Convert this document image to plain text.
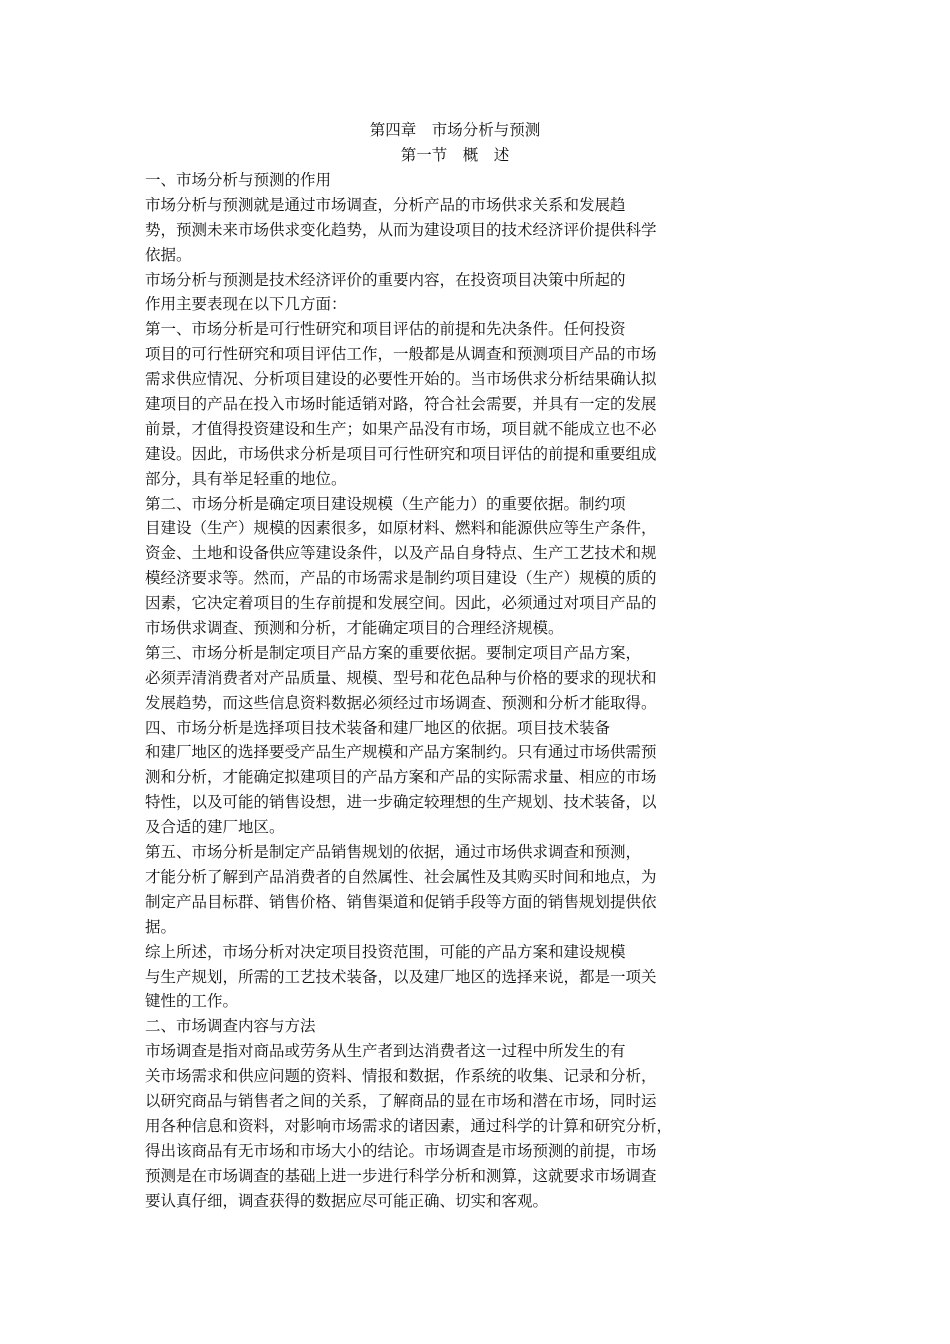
第四章　市场分析与预测
第一节　概　述
一、市场分析与预测的作用
市场分析与预测就是通过市场调查，分析产品的市场供求关系和发展趋
势，预测未来市场供求变化趋势，从而为建设项目的技术经济评价提供科学
依据。
市场分析与预测是技术经济评价的重要内容，在投资项目决策中所起的
作用主要表现在以下几方面：
第一、市场分析是可行性研究和项目评估的前提和先决条件。任何投资
项目的可行性研究和项目评估工作，一般都是从调查和预测项目产品的市场
需求供应情况、分析项目建设的必要性开始的。当市场供求分析结果确认拟
建项目的产品在投入市场时能适销对路，符合社会需要，并具有一定的发展
前景，才值得投资建设和生产；如果产品没有市场，项目就不能成立也不必
建设。因此，市场供求分析是项目可行性研究和项目评估的前提和重要组成
部分，具有举足轻重的地位。
第二、市场分析是确定项目建设规模（生产能力）的重要依据。制约项
目建设（生产）规模的因素很多，如原材料、燃料和能源供应等生产条件，
资金、土地和设备供应等建设条件，以及产品自身特点、生产工艺技术和规
模经济要求等。然而，产品的市场需求是制约项目建设（生产）规模的质的
因素，它决定着项目的生存前提和发展空间。因此，必须通过对项目产品的
市场供求调查、预测和分析，才能确定项目的合理经济规模。
第三、市场分析是制定项目产品方案的重要依据。要制定项目产品方案，
必须弄清消费者对产品质量、规模、型号和花色品种与价格的要求的现状和
发展趋势，而这些信息资料数据必须经过市场调查、预测和分析才能取得。
四、市场分析是选择项目技术装备和建厂地区的依据。项目技术装备
和建厂地区的选择要受产品生产规模和产品方案制约。只有通过市场供需预
测和分析，才能确定拟建项目的产品方案和产品的实际需求量、相应的市场
特性，以及可能的销售设想，进一步确定较理想的生产规划、技术装备，以
及合适的建厂地区。
第五、市场分析是制定产品销售规划的依据，通过市场供求调查和预测，
才能分析了解到产品消费者的自然属性、社会属性及其购买时间和地点，为
制定产品目标群、销售价格、销售渠道和促销手段等方面的销售规划提供依
据。
综上所述，市场分析对决定项目投资范围，可能的产品方案和建设规模
与生产规划，所需的工艺技术装备，以及建厂地区的选择来说，都是一项关
键性的工作。
二、市场调查内容与方法
市场调查是指对商品或劳务从生产者到达消费者这一过程中所发生的有
关市场需求和供应问题的资料、情报和数据，作系统的收集、记录和分析，
以研究商品与销售者之间的关系，了解商品的显在市场和潜在市场，同时运
用各种信息和资料，对影响市场需求的诸因素，通过科学的计算和研究分析，
得出该商品有无市场和市场大小的结论。市场调查是市场预测的前提，市场
预测是在市场调查的基础上进一步进行科学分析和测算，这就要求市场调查
要认真仔细，调查获得的数据应尽可能正确、切实和客观。
